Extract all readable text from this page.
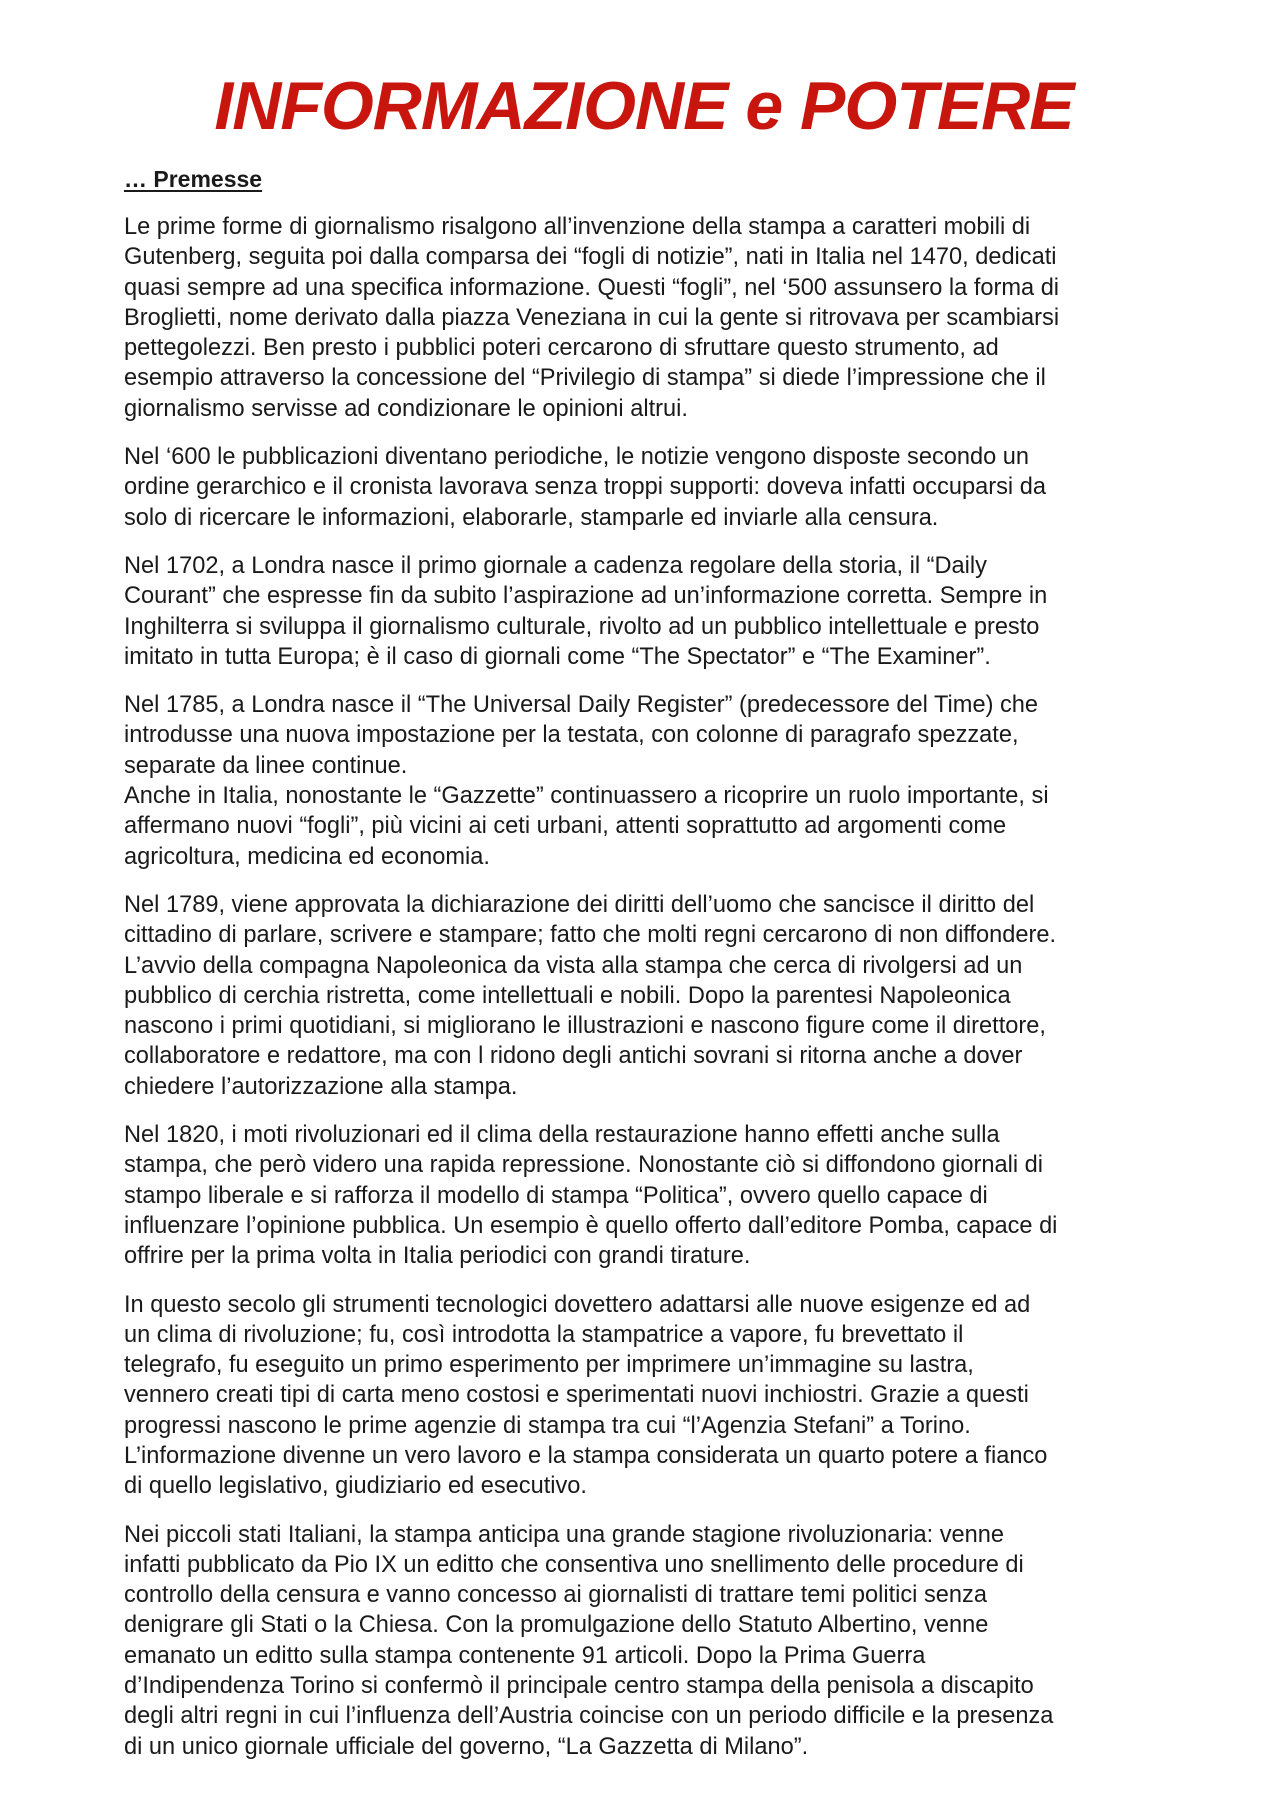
INFORMAZIONE e POTERE
… Premesse

Le prime forme di giornalismo risalgono all’invenzione della stampa a caratteri mobili di
Gutenberg, seguita poi dalla comparsa dei “fogli di notizie”, nati in Italia nel 1470, dedicati
quasi sempre ad una specifica informazione. Questi “fogli”, nel ‘500 assunsero la forma di
Broglietti, nome derivato dalla piazza Veneziana in cui la gente si ritrovava per scambiarsi
pettegolezzi. Ben presto i pubblici poteri cercarono di sfruttare questo strumento, ad
esempio attraverso la concessione del “Privilegio di stampa” si diede l’impressione che il
giornalismo servisse ad condizionare le opinioni altrui.

Nel ‘600 le pubblicazioni diventano periodiche, le notizie vengono disposte secondo un
ordine gerarchico e il cronista lavorava senza troppi supporti: doveva infatti occuparsi da
solo di ricercare le informazioni, elaborarle, stamparle ed inviarle alla censura.

Nel 1702, a Londra nasce il primo giornale a cadenza regolare della storia, il “Daily
Courant” che espresse fin da subito l’aspirazione ad un’informazione corretta. Sempre in
Inghilterra si sviluppa il giornalismo culturale, rivolto ad un pubblico intellettuale e presto
imitato in tutta Europa; è il caso di giornali come “The Spectator” e “The Examiner”.

Nel 1785, a Londra nasce il “The Universal Daily Register” (predecessore del Time) che
introdusse una nuova impostazione per la testata, con colonne di paragrafo spezzate,
separate da linee continue.
Anche in Italia, nonostante le “Gazzette” continuassero a ricoprire un ruolo importante, si
affermano nuovi “fogli”, più vicini ai ceti urbani, attenti soprattutto ad argomenti come
agricoltura, medicina ed economia.

Nel 1789, viene approvata la dichiarazione dei diritti dell’uomo che sancisce il diritto del
cittadino di parlare, scrivere e stampare; fatto che molti regni cercarono di non diffondere.
L’avvio della compagna Napoleonica da vista alla stampa che cerca di rivolgersi ad un
pubblico di cerchia ristretta, come intellettuali e nobili. Dopo la parentesi Napoleonica
nascono i primi quotidiani, si migliorano le illustrazioni e nascono figure come il direttore,
collaboratore e redattore, ma con l ridono degli antichi sovrani si ritorna anche a dover
chiedere l’autorizzazione alla stampa.

Nel 1820, i moti rivoluzionari ed il clima della restaurazione hanno effetti anche sulla
stampa, che però videro una rapida repressione. Nonostante ciò si diffondono giornali di
stampo liberale e si rafforza il modello di stampa “Politica”, ovvero quello capace di
influenzare l’opinione pubblica. Un esempio è quello offerto dall’editore Pomba, capace di
offrire per la prima volta in Italia periodici con grandi tirature.

In questo secolo gli strumenti tecnologici dovettero adattarsi alle nuove esigenze ed ad
un clima di rivoluzione; fu, così introdotta la stampatrice a vapore, fu brevettato il
telegrafo, fu eseguito un primo esperimento per imprimere un’immagine su lastra,
vennero creati tipi di carta meno costosi e sperimentati nuovi inchiostri. Grazie a questi
progressi nascono le prime agenzie di stampa tra cui “l’Agenzia Stefani” a Torino.
L’informazione divenne un vero lavoro e la stampa considerata un quarto potere a fianco
di quello legislativo, giudiziario ed esecutivo.

Nei piccoli stati Italiani, la stampa anticipa una grande stagione rivoluzionaria: venne
infatti pubblicato da Pio IX un editto che consentiva uno snellimento delle procedure di
controllo della censura e vanno concesso ai giornalisti di trattare temi politici senza
denigrare gli Stati o la Chiesa. Con la promulgazione dello Statuto Albertino, venne
emanato un editto sulla stampa contenente 91 articoli. Dopo la Prima Guerra
d’Indipendenza Torino si confermò il principale centro stampa della penisola a discapito
degli altri regni in cui l’influenza dell’Austria coincise con un periodo difficile e la presenza
di un unico giornale ufficiale del governo, “La Gazzetta di Milano”.
